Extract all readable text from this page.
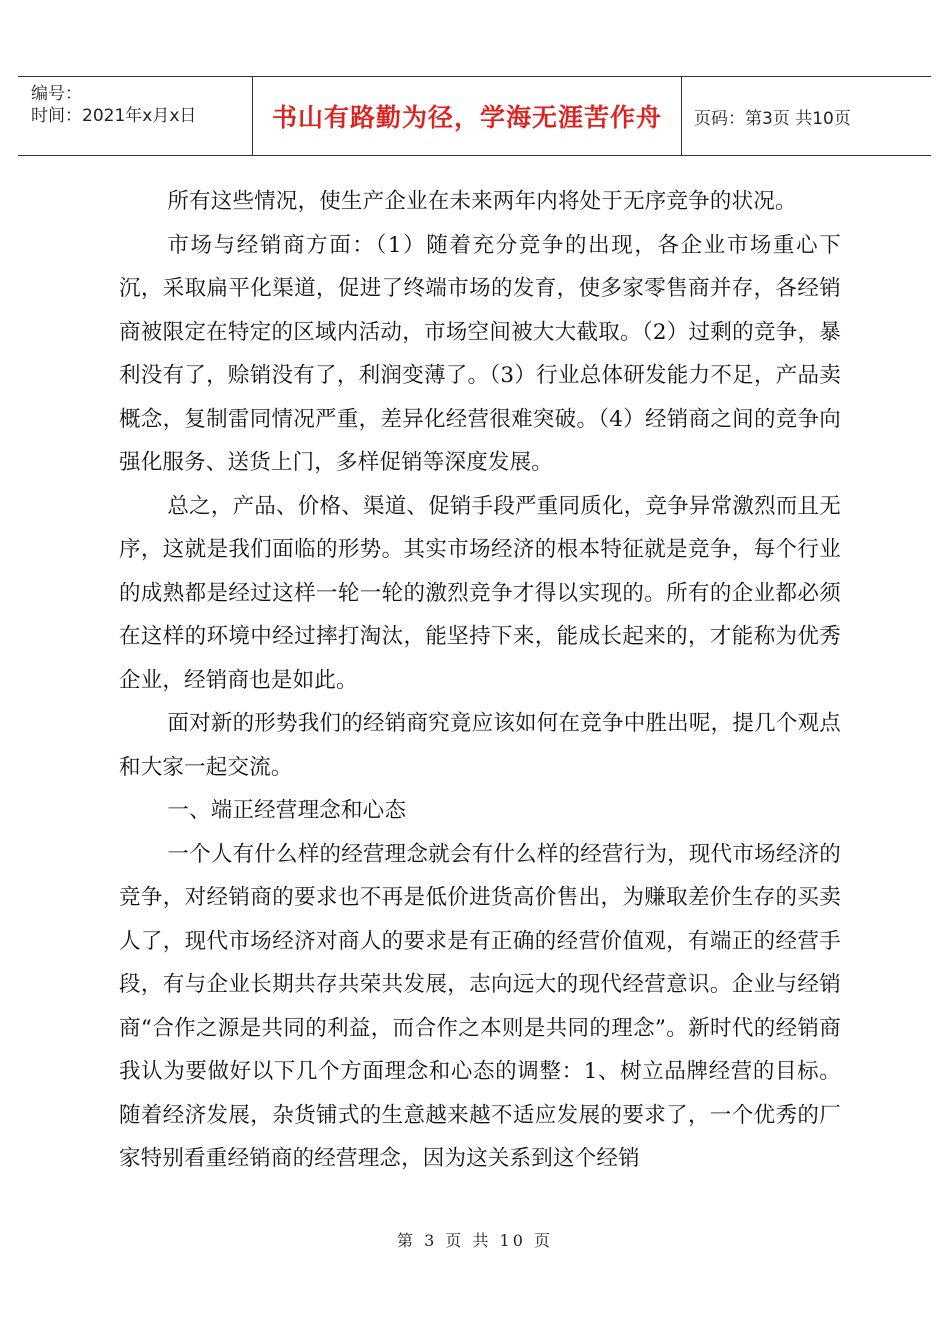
编号：
时间：2021年x月x日	书山有路勤为径，学海无涯苦作舟	页码：第3页 共10页

所有这些情况，使生产企业在未来两年内将处于无序竞争的状况。

市场与经销商方面：（1）随着充分竞争的出现，各企业市场重心下沉，采取扁平化渠道，促进了终端市场的发育，使多家零售商并存，各经销商被限定在特定的区域内活动，市场空间被大大截取。（2）过剩的竞争，暴利没有了，赊销没有了，利润变薄了。（3）行业总体研发能力不足，产品卖概念，复制雷同情况严重，差异化经营很难突破。（4）经销商之间的竞争向强化服务、送货上门，多样促销等深度发展。

总之，产品、价格、渠道、促销手段严重同质化，竞争异常激烈而且无序，这就是我们面临的形势。其实市场经济的根本特征就是竞争，每个行业的成熟都是经过这样一轮一轮的激烈竞争才得以实现的。所有的企业都必须在这样的环境中经过摔打淘汰，能坚持下来，能成长起来的，才能称为优秀企业，经销商也是如此。

面对新的形势我们的经销商究竟应该如何在竞争中胜出呢，提几个观点和大家一起交流。

一、端正经营理念和心态

一个人有什么样的经营理念就会有什么样的经营行为，现代市场经济的竞争，对经销商的要求也不再是低价进货高价售出，为赚取差价生存的买卖人了，现代市场经济对商人的要求是有正确的经营价值观，有端正的经营手段，有与企业长期共存共荣共发展，志向远大的现代经营意识。企业与经销商“合作之源是共同的利益，而合作之本则是共同的理念”。新时代的经销商我认为要做好以下几个方面理念和心态的调整：1、树立品牌经营的目标。随着经济发展，杂货铺式的生意越来越不适应发展的要求了，一个优秀的厂家特别看重经销商的经营理念，因为这关系到这个经销

第 3 页 共 10 页
